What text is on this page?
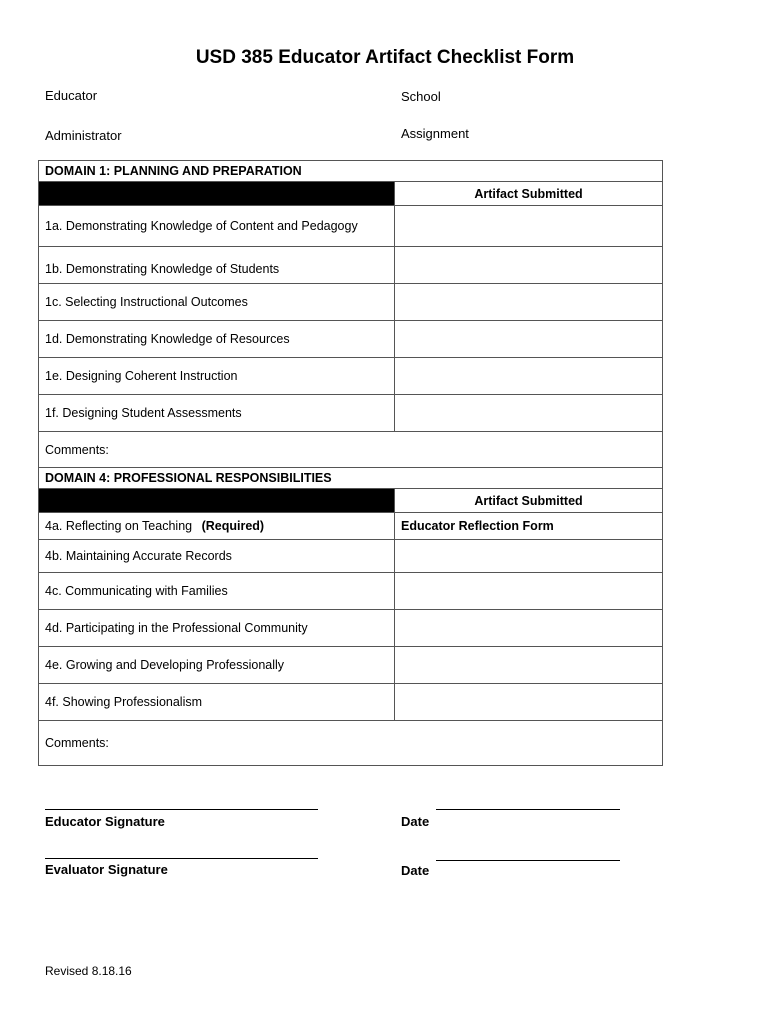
USD 385 Educator Artifact Checklist Form
Educator	School
Administrator	Assignment
DOMAIN 1: PLANNING AND PREPARATION	
	Artifact Submitted
1a. Demonstrating Knowledge of Content and Pedagogy	
1b. Demonstrating Knowledge of Students	
1c. Selecting Instructional Outcomes	
1d. Demonstrating Knowledge of Resources	
1e. Designing Coherent Instruction	
1f. Designing Student Assessments	
Comments:	
DOMAIN 4: PROFESSIONAL RESPONSIBILITIES	
	Artifact Submitted
4a. Reflecting on Teaching (Required)	Educator Reflection Form
4b. Maintaining Accurate Records	
4c. Communicating with Families	
4d. Participating in the Professional Community	
4e. Growing and Developing Professionally	
4f. Showing Professionalism	
Comments:	
Educator Signature	Date
Evaluator Signature	Date
Revised 8.18.16
